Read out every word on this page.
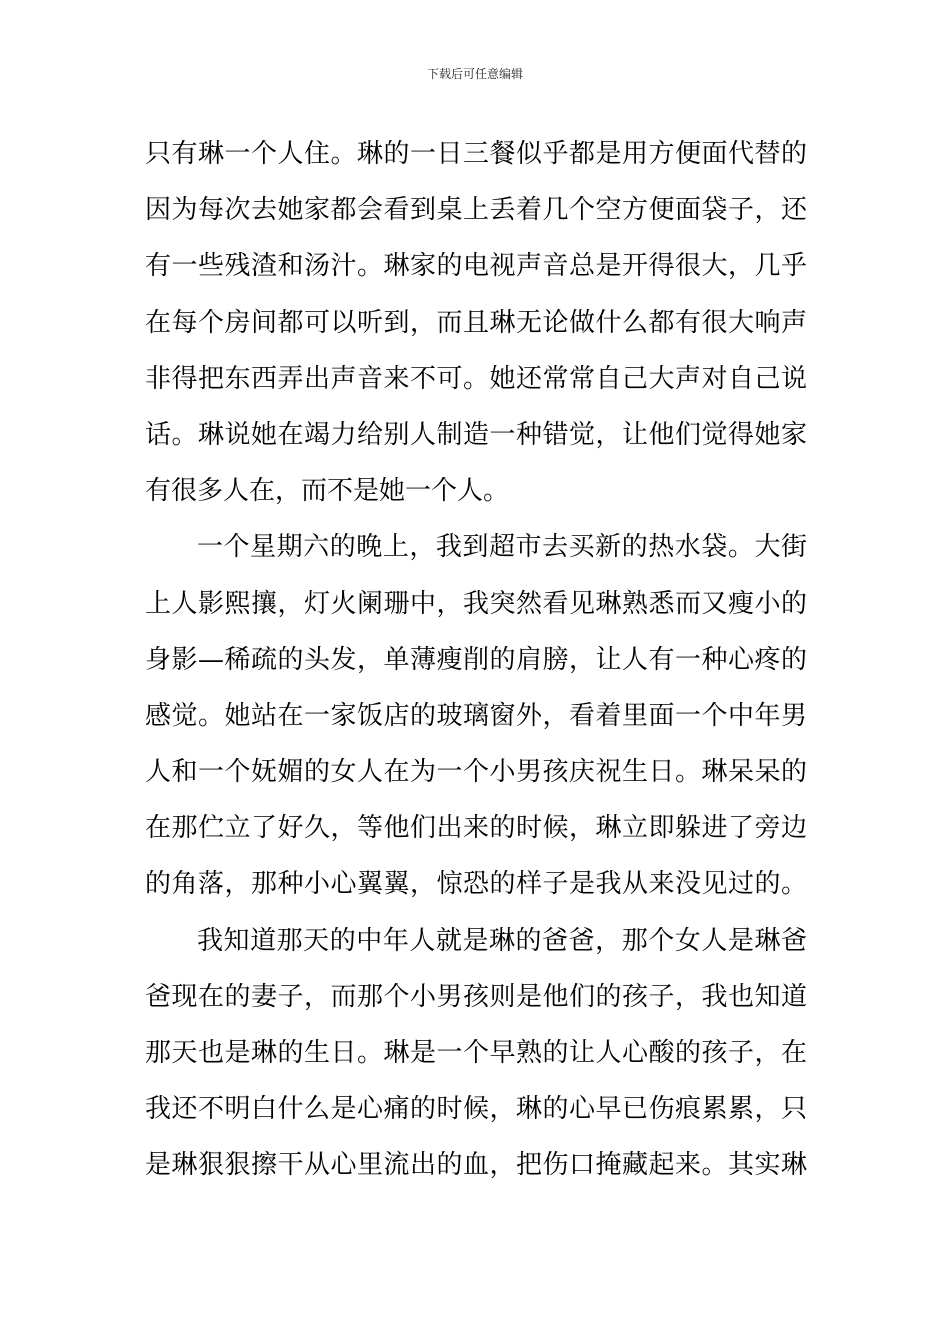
下载后可任意编辑
只有琳一个人住。琳的一日三餐似乎都是用方便面代替的
因为每次去她家都会看到桌上丢着几个空方便面袋子，还
有一些残渣和汤汁。琳家的电视声音总是开得很大，几乎
在每个房间都可以听到，而且琳无论做什么都有很大响声
非得把东西弄出声音来不可。她还常常自己大声对自己说
话。琳说她在竭力给别人制造一种错觉，让他们觉得她家
有很多人在，而不是她一个人。
一个星期六的晚上，我到超市去买新的热水袋。大街
上人影熙攘，灯火阑珊中，我突然看见琳熟悉而又瘦小的
身影—稀疏的头发，单薄瘦削的肩膀，让人有一种心疼的
感觉。她站在一家饭店的玻璃窗外，看着里面一个中年男
人和一个妩媚的女人在为一个小男孩庆祝生日。琳呆呆的
在那伫立了好久，等他们出来的时候，琳立即躲进了旁边
的角落，那种小心翼翼，惊恐的样子是我从来没见过的。
我知道那天的中年人就是琳的爸爸，那个女人是琳爸
爸现在的妻子，而那个小男孩则是他们的孩子，我也知道
那天也是琳的生日。琳是一个早熟的让人心酸的孩子，在
我还不明白什么是心痛的时候，琳的心早已伤痕累累，只
是琳狠狠擦干从心里流出的血，把伤口掩藏起来。其实琳
